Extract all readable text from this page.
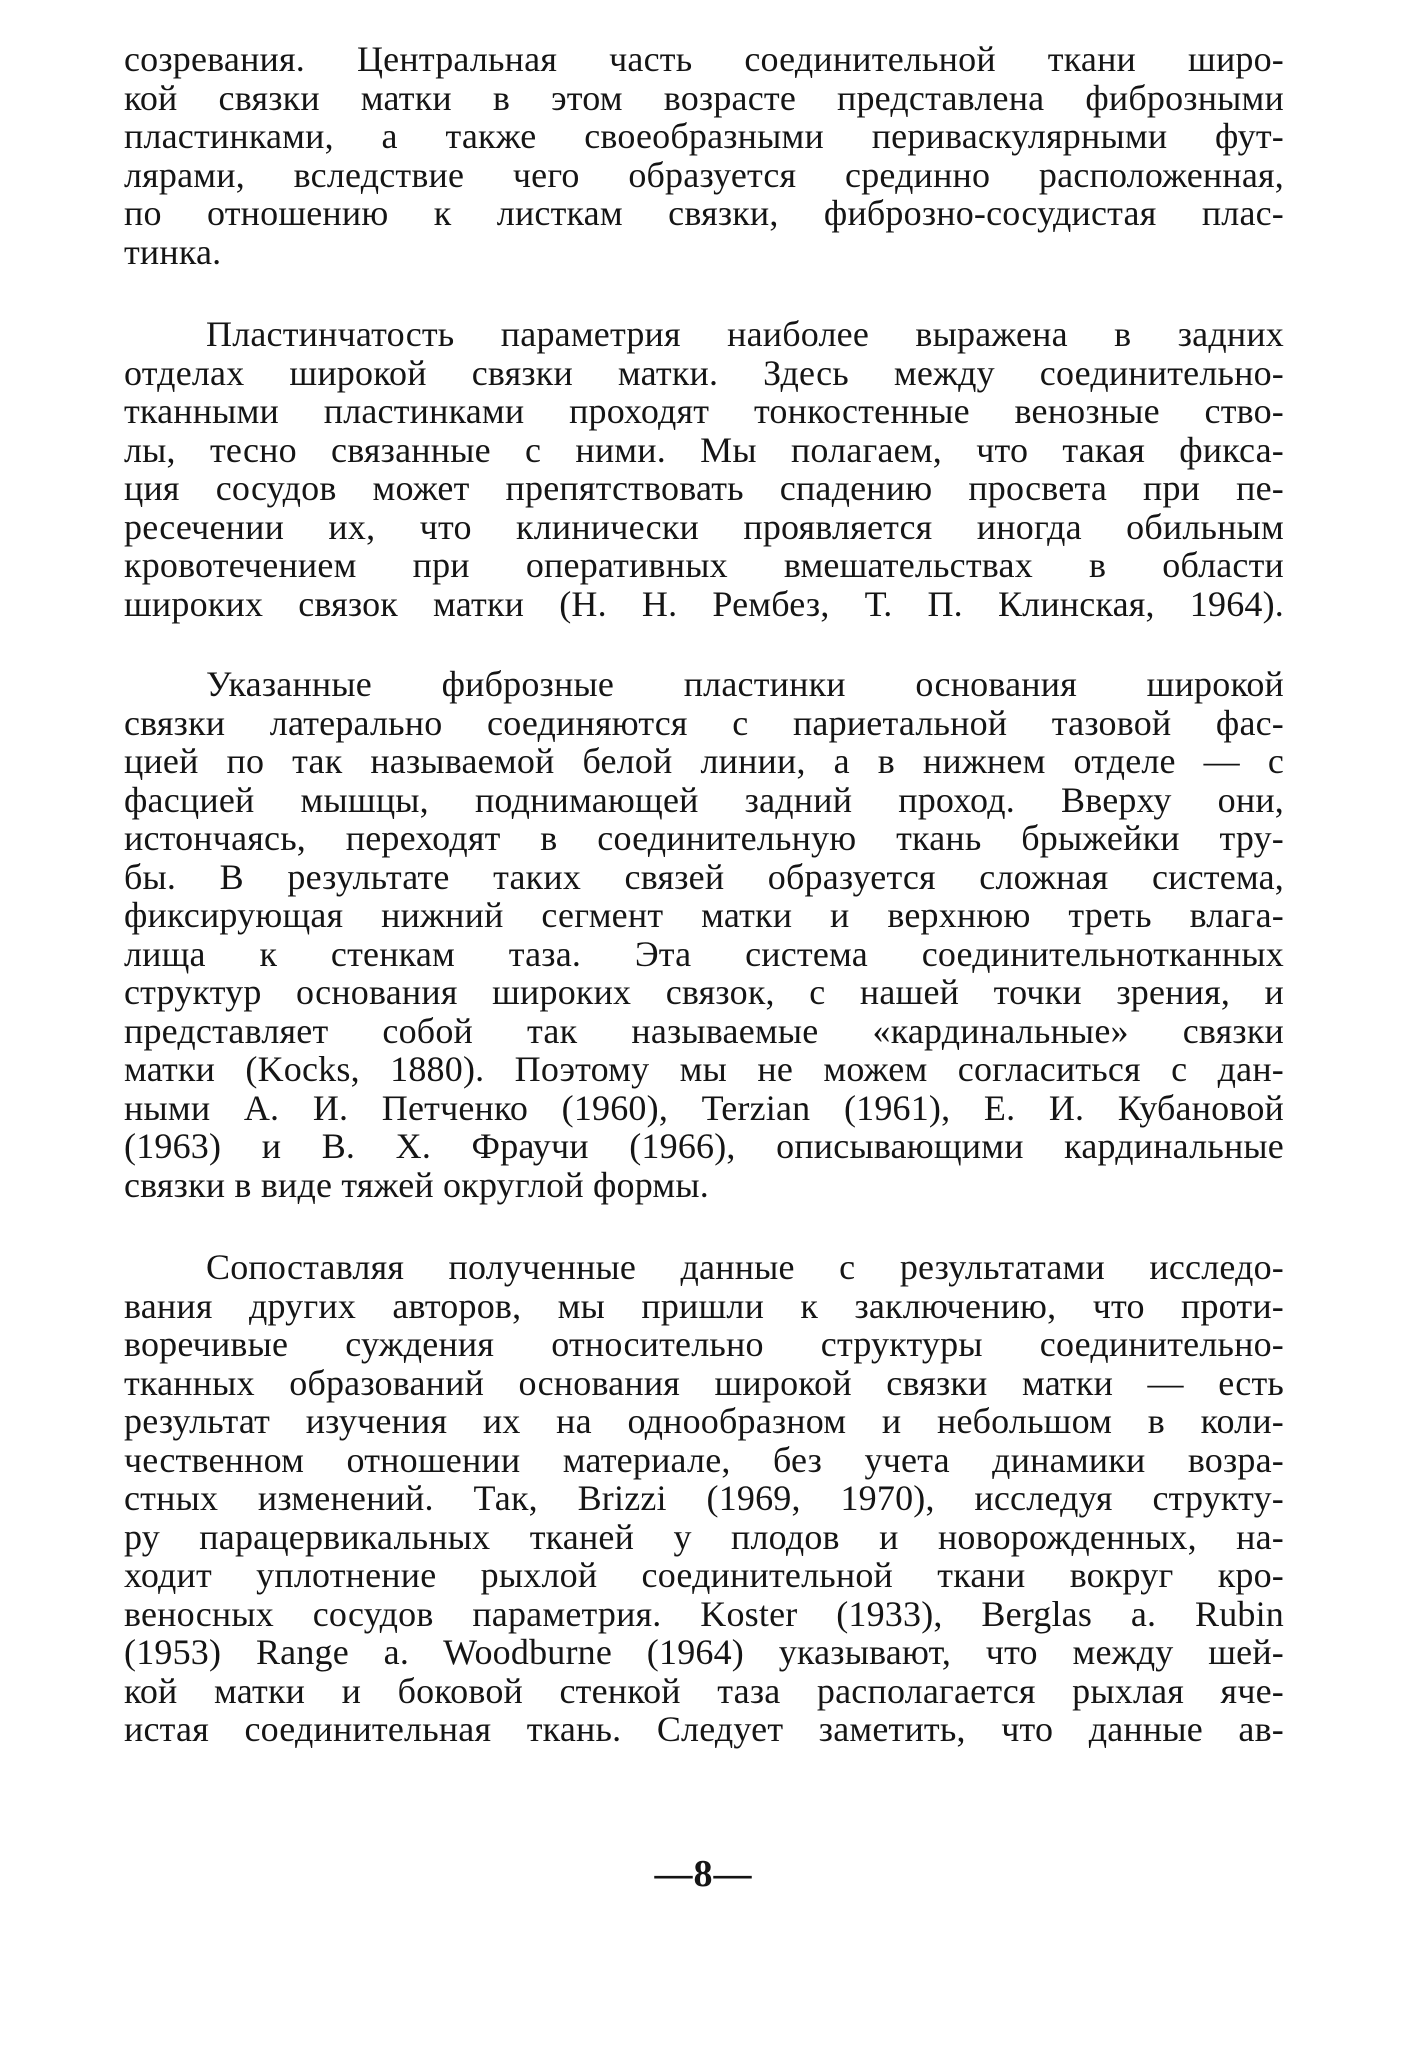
созревания. Центральная часть соединительной ткани широ-
кой связки матки в этом возрасте представлена фиброзными
пластинками, а также своеобразными периваскулярными фут-
лярами, вследствие чего образуется срединно расположенная,
по отношению к листкам связки, фиброзно-сосудистая плас-
тинка.
Пластинчатость параметрия наиболее выражена в задних
отделах широкой связки матки. Здесь между соединительно-
тканными пластинками проходят тонкостенные венозные ство-
лы, тесно связанные с ними. Мы полагаем, что такая фикса-
ция сосудов может препятствовать спадению просвета при пе-
ресечении их, что клинически проявляется иногда обильным
кровотечением при оперативных вмешательствах в области
широких связок матки (Н. Н. Рембез, Т. П. Клинская, 1964).
Указанные фиброзные пластинки основания широкой
связки латерально соединяются с париетальной тазовой фас-
цией по так называемой белой линии, а в нижнем отделе — с
фасцией мышцы, поднимающей задний проход. Вверху они,
истончаясь, переходят в соединительную ткань брыжейки тру-
бы. В результате таких связей образуется сложная система,
фиксирующая нижний сегмент матки и верхнюю треть влага-
лища к стенкам таза. Эта система соединительнотканных
структур основания широких связок, с нашей точки зрения, и
представляет собой так называемые «кардинальные» связки
матки (Kocks, 1880). Поэтому мы не можем согласиться с дан-
ными А. И. Петченко (1960), Terzian (1961), Е. И. Кубановой
(1963) и В. Х. Фраучи (1966), описывающими кардинальные
связки в виде тяжей округлой формы.
Сопоставляя полученные данные с результатами исследо-
вания других авторов, мы пришли к заключению, что проти-
воречивые суждения относительно структуры соединительно-
тканных образований основания широкой связки матки — есть
результат изучения их на однообразном и небольшом в коли-
чественном отношении материале, без учета динамики возра-
стных изменений. Так, Brizzi (1969, 1970), исследуя структу-
ру парацервикальных тканей у плодов и новорожденных, на-
ходит уплотнение рыхлой соединительной ткани вокруг кро-
веносных сосудов параметрия. Koster (1933), Berglas a. Rubin
(1953) Range a. Woodburne (1964) указывают, что между шей-
кой матки и боковой стенкой таза располагается рыхлая яче-
истая соединительная ткань. Следует заметить, что данные ав-
—8—
